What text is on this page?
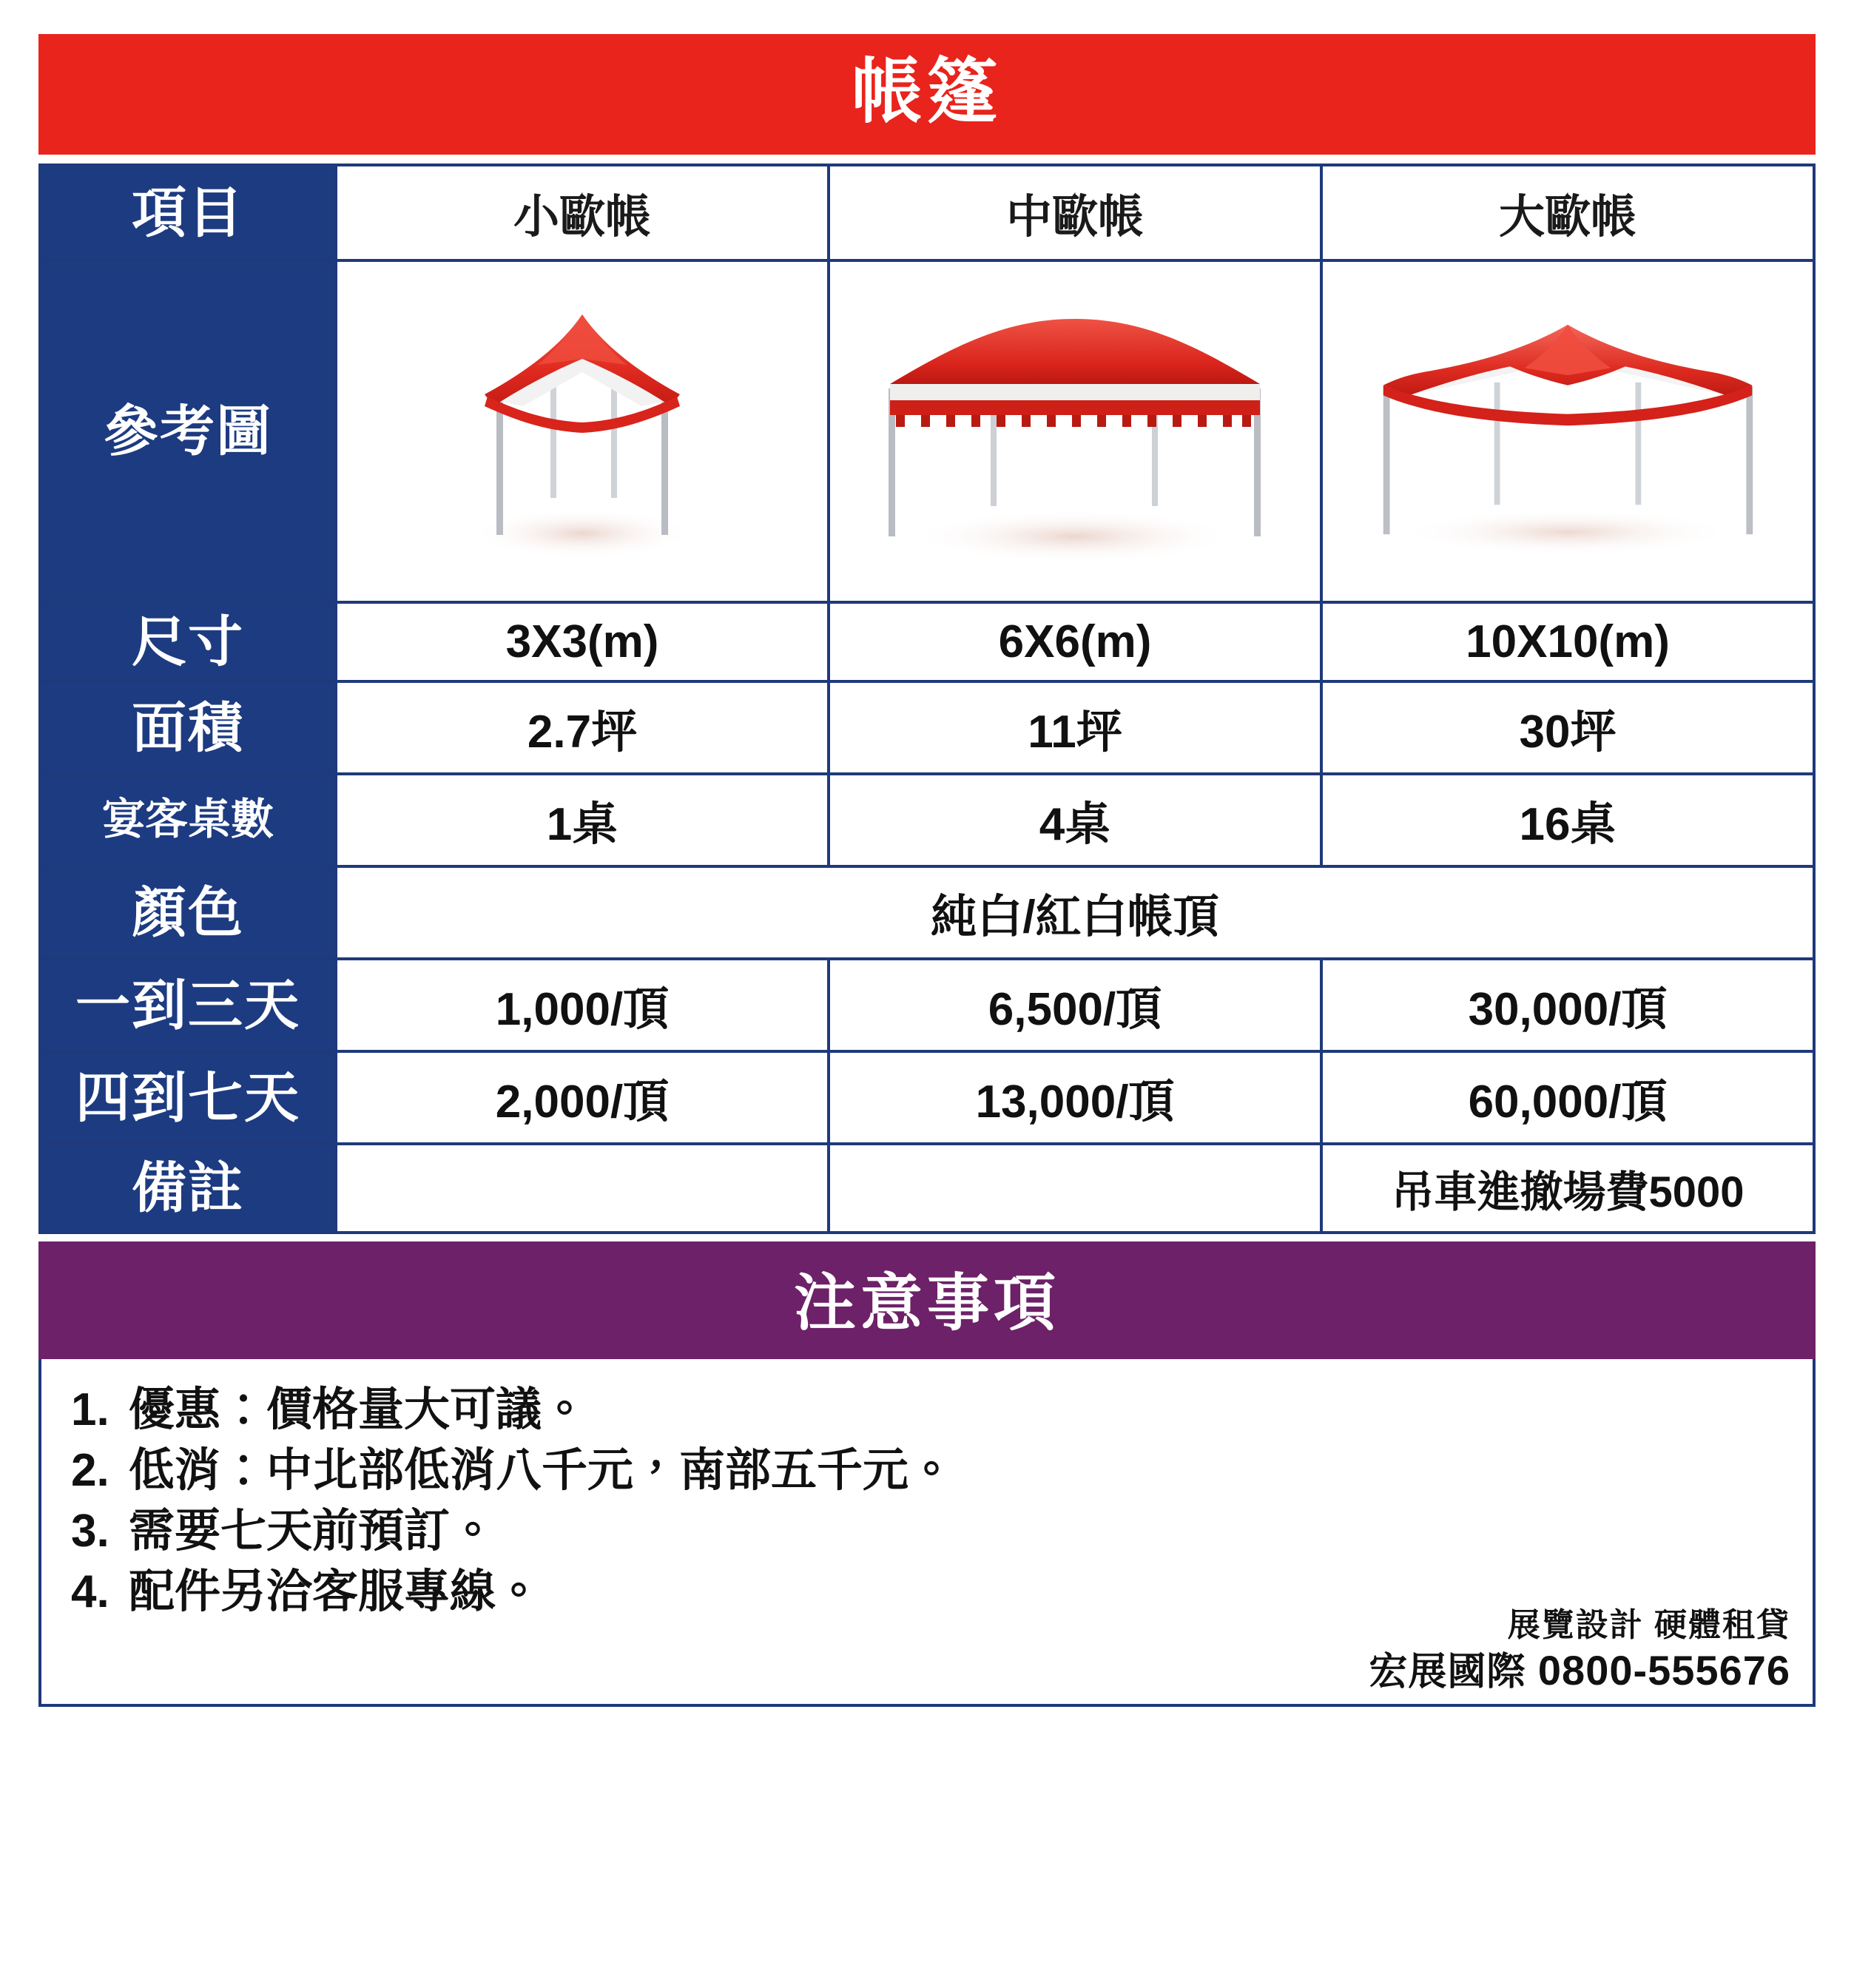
帳篷
項目	小歐帳	中歐帳	大歐帳
參考圖	

尺寸	3X3(m)	6X6(m)	10X10(m)
面積	2.7坪	11坪	30坪
宴客桌數	1桌	4桌	16桌
顏色	純白/紅白帳頂		
一到三天	1,000/頂	6,500/頂	30,000/頂
四到七天	2,000/頂	13,000/頂	60,000/頂
備註			吊車進撤場費5000
注意事項
1. 優惠：價格量大可議。
2. 低消：中北部低消八千元，南部五千元。
3. 需要七天前預訂。
4. 配件另洽客服專線。
展覽設計 硬體租貸
宏展國際 0800-555676
